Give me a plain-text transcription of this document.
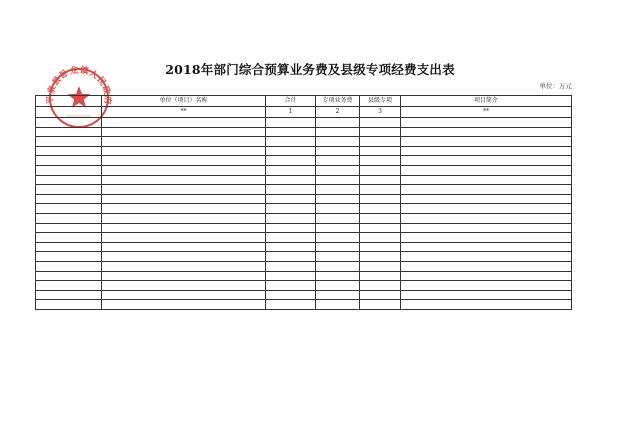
平泉县卧龙镇人民政府
2018年部门综合预算业务费及县级专项经费支出表
单位：万元
	单位（项目）名称	合计	专项业务费	县级专项	项目简介
	**	1	2	3	**
